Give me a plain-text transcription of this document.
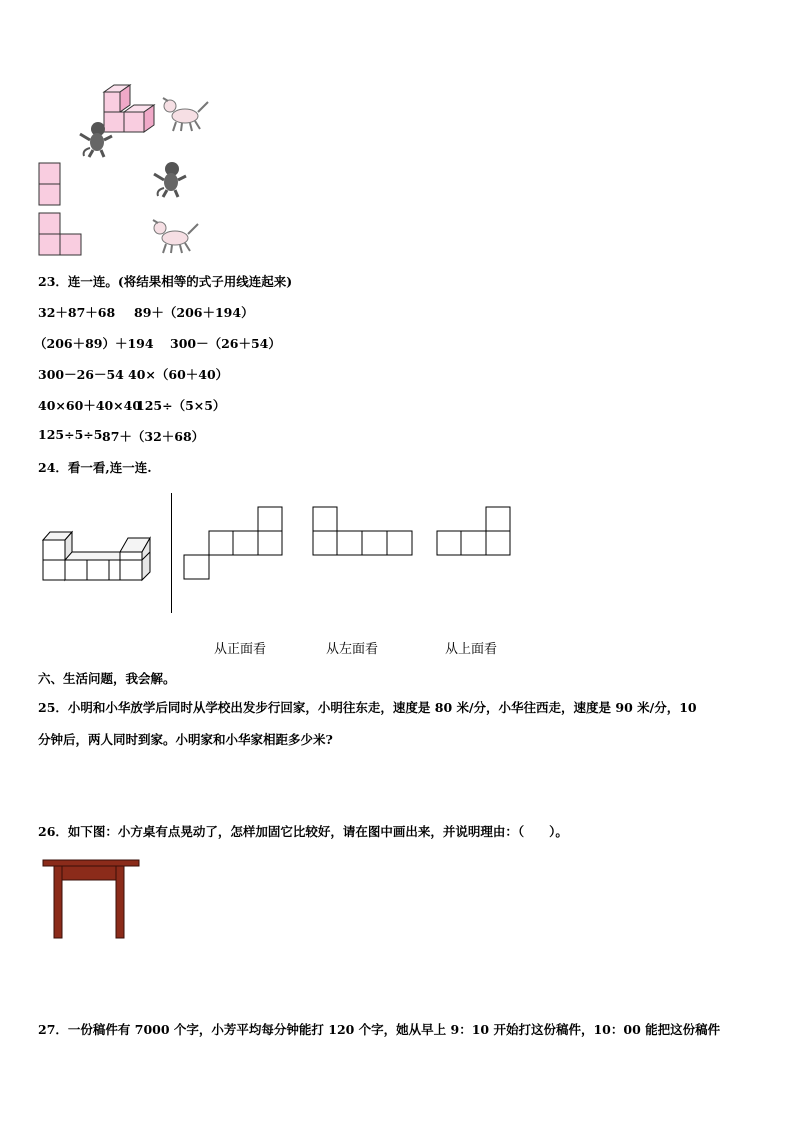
23．连一连。(将结果相等的式子用线连起来)
32＋87＋68 89＋（206＋194）
（206＋89）＋194 300－（26＋54）
300－26－54 40×（60＋40）
40×60＋40×40
125÷（5×5）
125÷5÷5 87＋（32＋68）
24．看一看,连一连.
从正面看	从左面看	从上面看
六、生活问题，我会解。
25．小明和小华放学后同时从学校出发步行回家，小明往东走，速度是 80 米/分，小华往西走，速度是 90 米/分，10
分钟后，两人同时到家。小明家和小华家相距多少米?
26．如下图：小方桌有点晃动了，怎样加固它比较好，请在图中画出来，并说明理由：（　　）。
27．一份稿件有 7000 个字，小芳平均每分钟能打 120 个字，她从早上 9：10 开始打这份稿件，10：00 能把这份稿件
